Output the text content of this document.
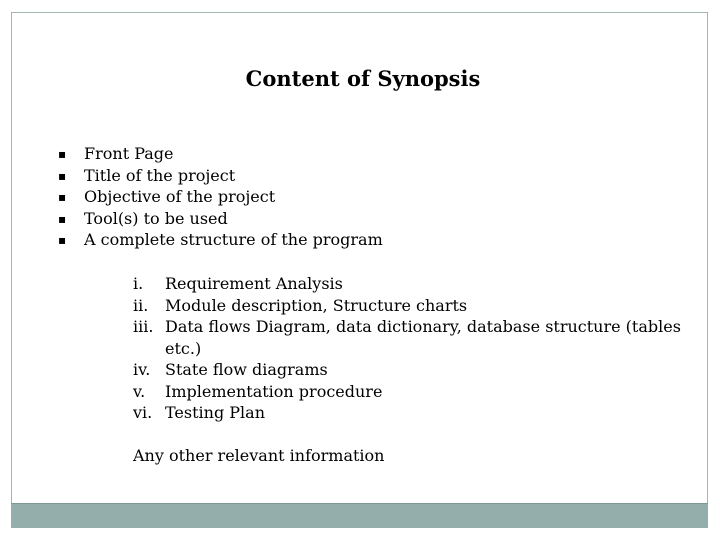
Content of Synopsis
▪ Front Page
▪ Title of the project
▪ Objective of the project
▪ Tool(s) to be used
▪ A complete structure of the program
i. Requirement Analysis
ii. Module description, Structure charts
iii. Data flows Diagram, data dictionary, database structure (tables etc.)
iv. State flow diagrams
v. Implementation procedure
vi. Testing Plan
Any other relevant information
